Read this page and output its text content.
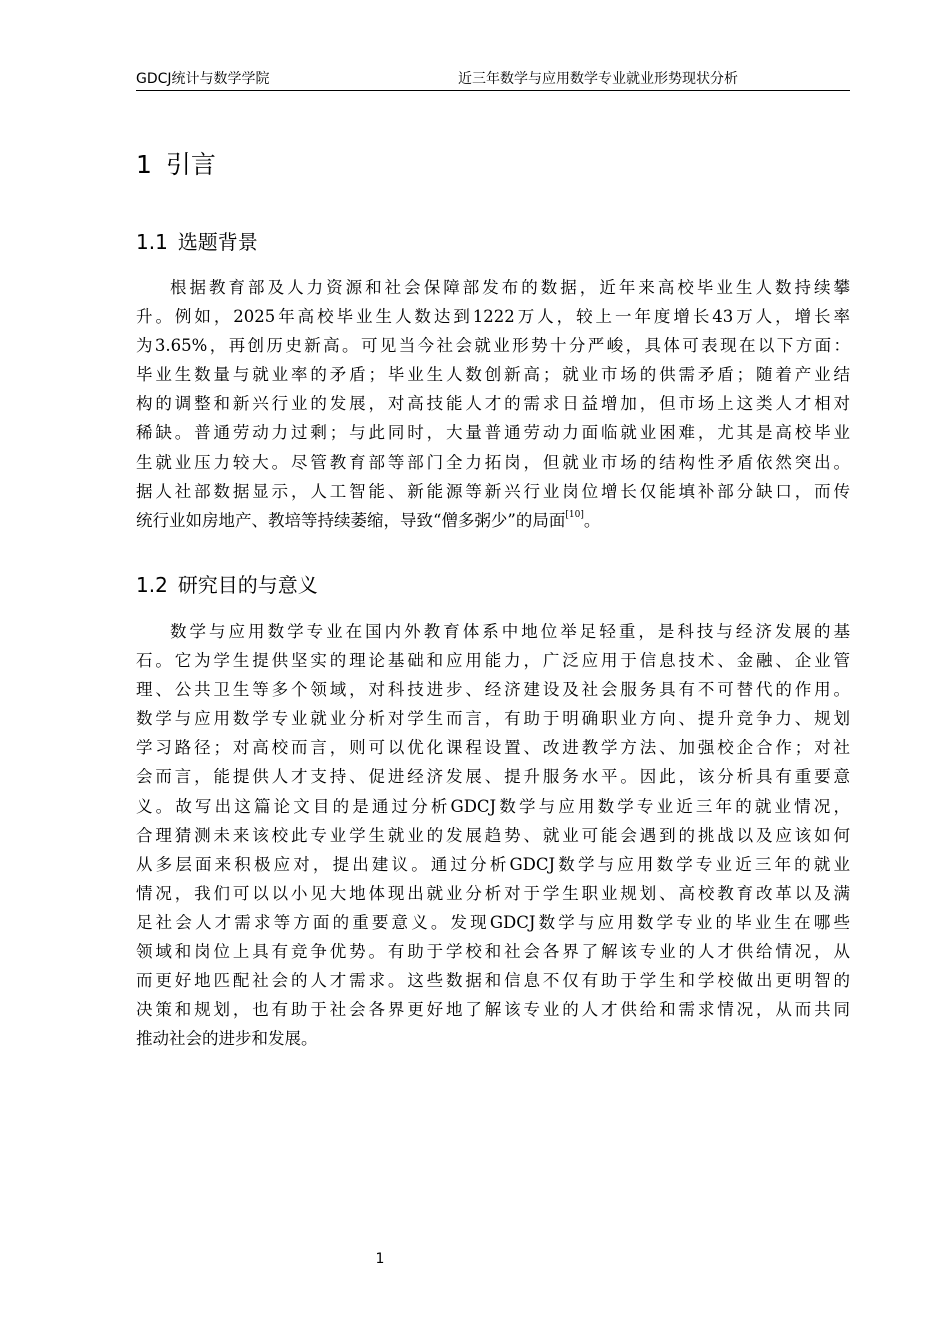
GDCJ统计与数学学院	近三年数学与应用数学专业就业形势现状分析
1 引言
1.1 选题背景
根据教育部及人力资源和社会保障部发布的数据，近年来高校毕业生人数持续攀
升。例如，2025年高校毕业生人数达到1222万人，较上一年度增长43万人，增长率
为3.65%，再创历史新高。可见当今社会就业形势十分严峻，具体可表现在以下方面：
毕业生数量与就业率的矛盾；毕业生人数创新高；就业市场的供需矛盾；随着产业结
构的调整和新兴行业的发展，对高技能人才的需求日益增加，但市场上这类人才相对
稀缺。普通劳动力过剩；与此同时，大量普通劳动力面临就业困难，尤其是高校毕业
生就业压力较大。尽管教育部等部门全力拓岗，但就业市场的结构性矛盾依然突出。
据人社部数据显示，人工智能、新能源等新兴行业岗位增长仅能填补部分缺口，而传
统行业如房地产、教培等持续萎缩，导致“僧多粥少”的局面[10]。
1.2 研究目的与意义
数学与应用数学专业在国内外教育体系中地位举足轻重，是科技与经济发展的基
石。它为学生提供坚实的理论基础和应用能力，广泛应用于信息技术、金融、企业管
理、公共卫生等多个领域，对科技进步、经济建设及社会服务具有不可替代的作用。
数学与应用数学专业就业分析对学生而言，有助于明确职业方向、提升竞争力、规划
学习路径；对高校而言，则可以优化课程设置、改进教学方法、加强校企合作；对社
会而言，能提供人才支持、促进经济发展、提升服务水平。因此，该分析具有重要意
义。故写出这篇论文目的是通过分析GDCJ数学与应用数学专业近三年的就业情况，
合理猜测未来该校此专业学生就业的发展趋势、就业可能会遇到的挑战以及应该如何
从多层面来积极应对，提出建议。通过分析GDCJ数学与应用数学专业近三年的就业
情况，我们可以以小见大地体现出就业分析对于学生职业规划、高校教育改革以及满
足社会人才需求等方面的重要意义。发现GDCJ数学与应用数学专业的毕业生在哪些
领域和岗位上具有竞争优势。有助于学校和社会各界了解该专业的人才供给情况，从
而更好地匹配社会的人才需求。这些数据和信息不仅有助于学生和学校做出更明智的
决策和规划，也有助于社会各界更好地了解该专业的人才供给和需求情况，从而共同
推动社会的进步和发展。
1
